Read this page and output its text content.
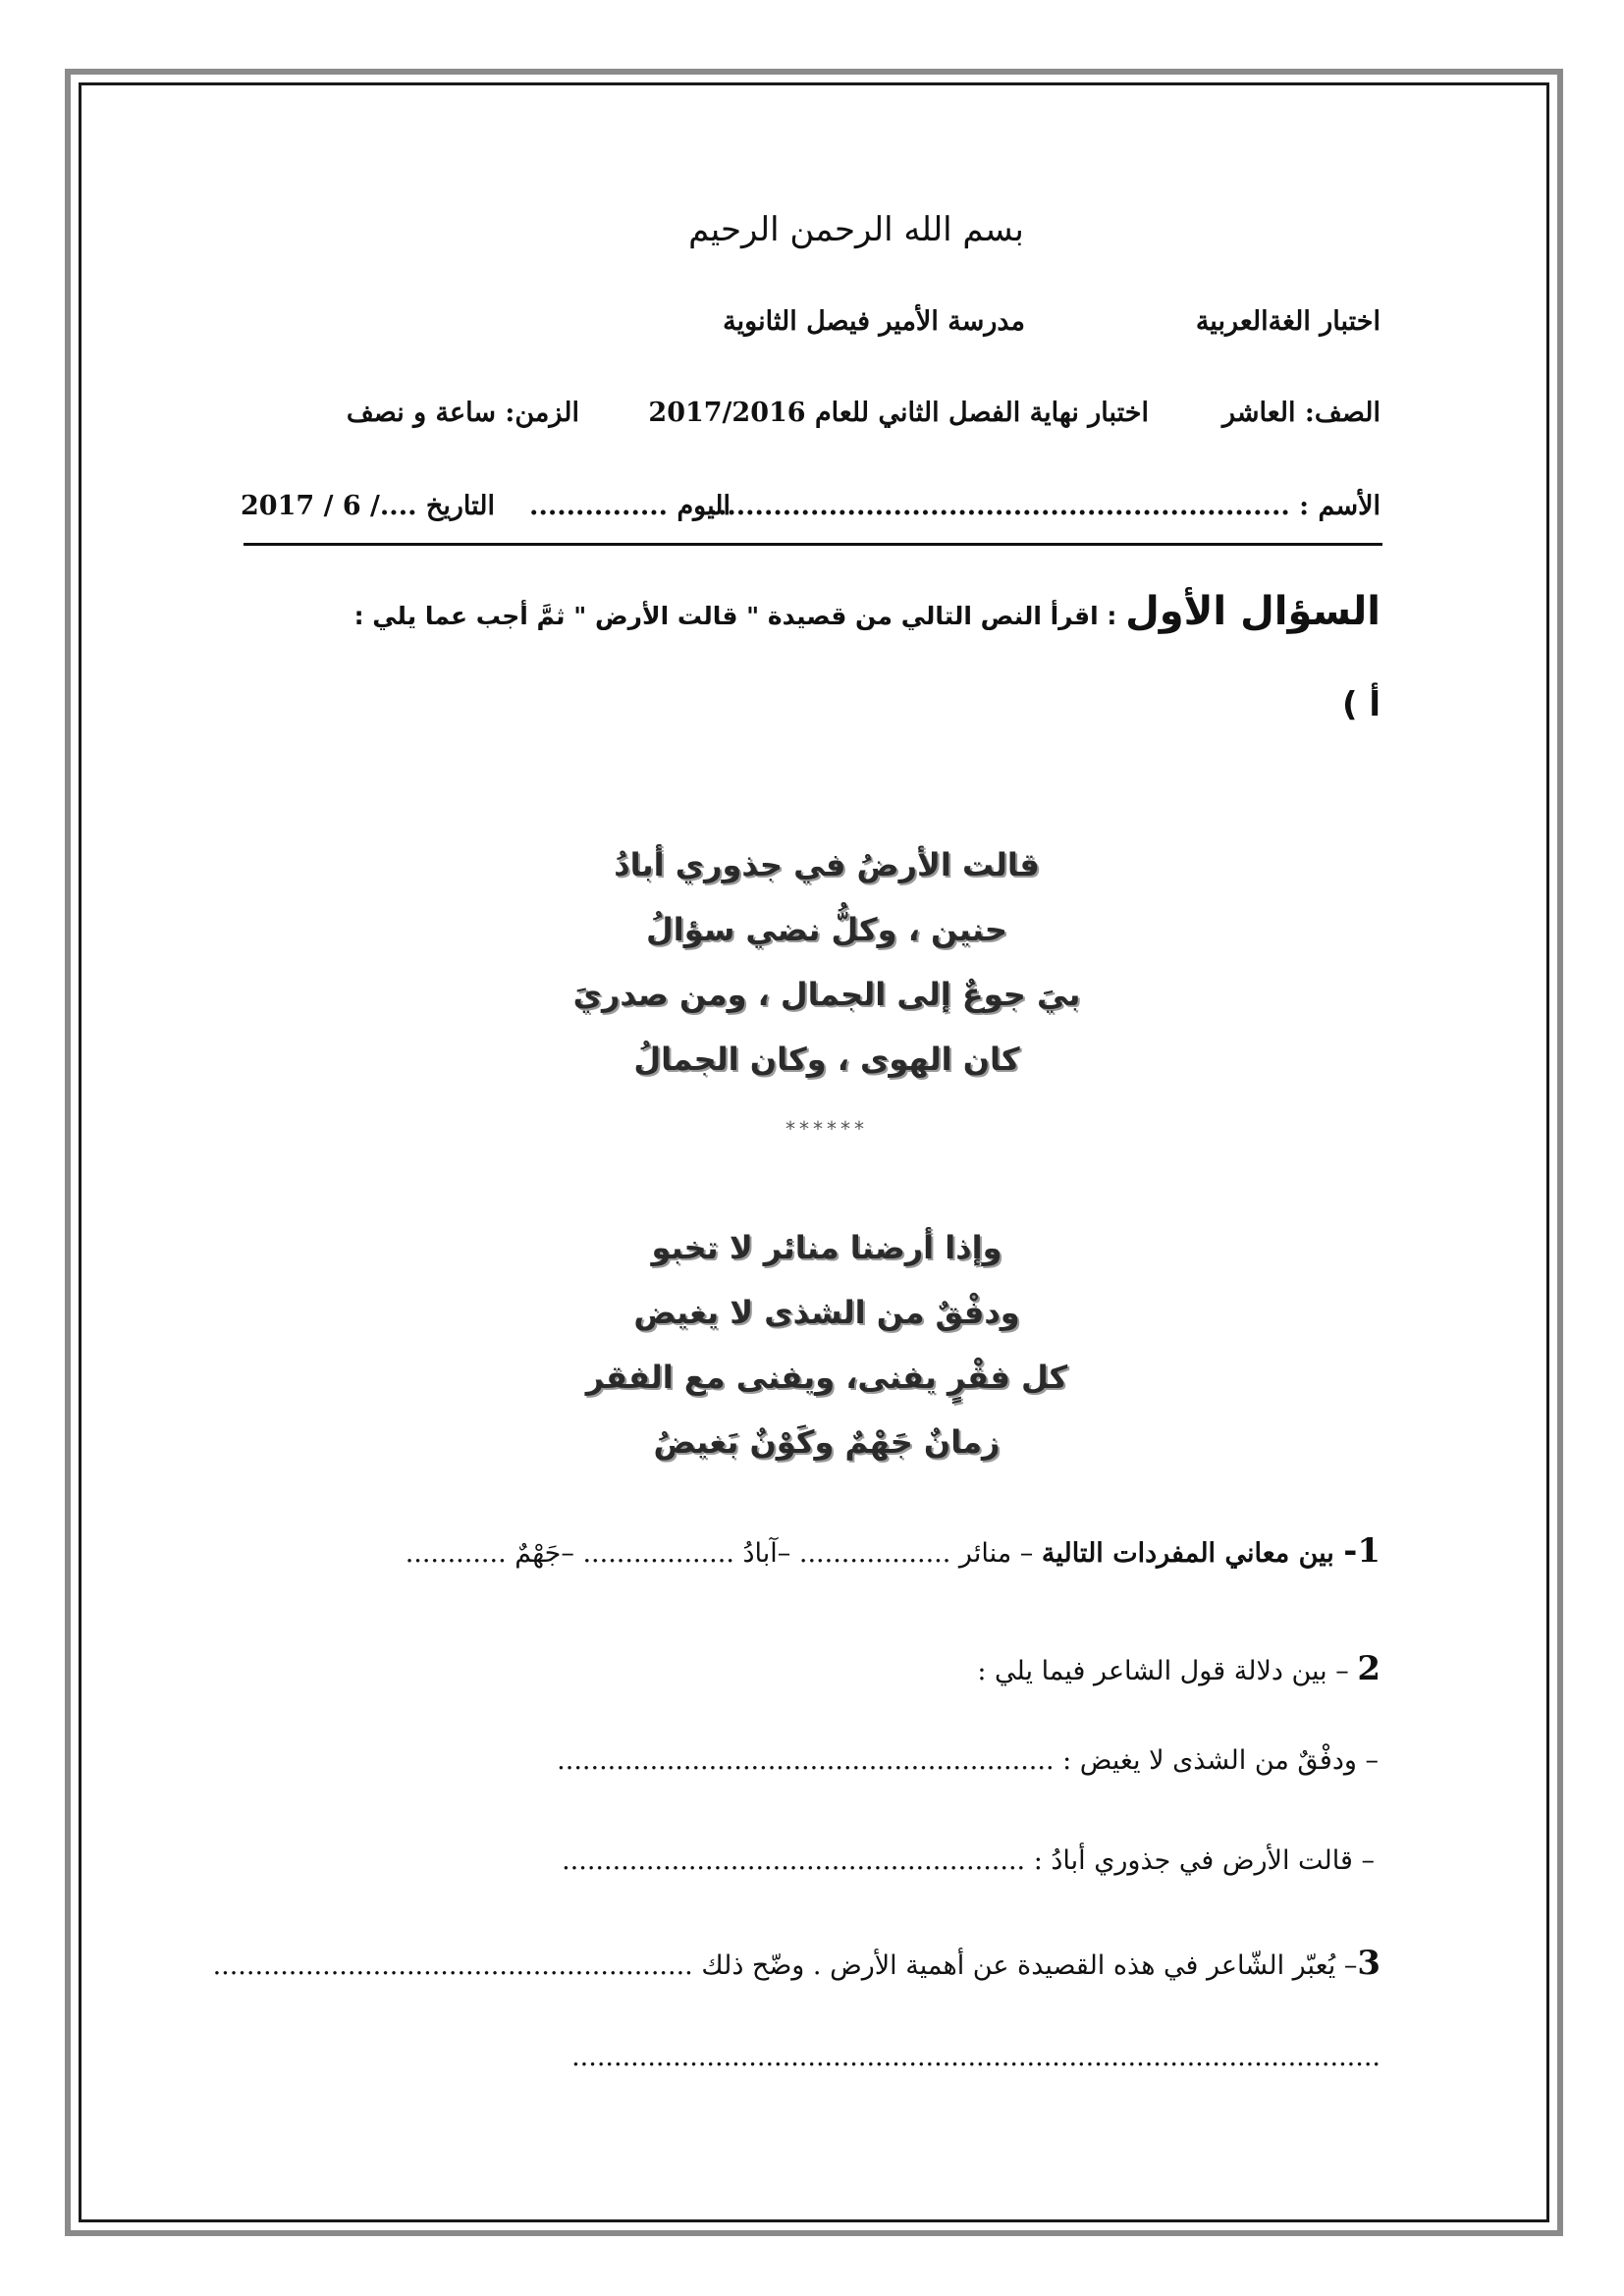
بسم الله الرحمن الرحيم
اختبار الغةالعربية
مدرسة الأمير فيصل الثانوية
الصف: العاشر
اختبار نهاية الفصل الثاني للعام 2017/2016
الزمن: ساعة و نصف
الأسم : ...............................................................
اليوم ...............
التاريخ ..../ 6 / 2017
السؤال الأول : اقرأ النص التالي من قصيدة " قالت الأرض " ثمَّ أجب عما يلي :
أ )
قالت الأرضُ في جذوري أبادُ
حنين ، وكلُّ نضي سؤالُ
بيَ جوعٌ إلى الجمال ، ومن صدريَ
كان الهوى ، وكان الجمالُ
******
وإذا أرضنا منائر لا تخبو
ودفْقٌ من الشذى لا يغيض
كل فقْرٍ يفنى، ويفنى مع الفقر
زمانٌ جَهْمٌ وكَوْنٌ بَغيضُ
1- بين معاني المفردات التالية – منائر .................. –آبادُ .................. –جَهْمٌ ............
2 – بين دلالة قول الشاعر فيما يلي :
– ودفْقٌ من الشذى لا يغيض : ...........................................................
– قالت الأرض في جذوري أبادُ : .......................................................
3– يُعبّر الشّاعر في هذه القصيدة عن أهمية الأرض . وضّح ذلك .........................................................
................................................................................................
